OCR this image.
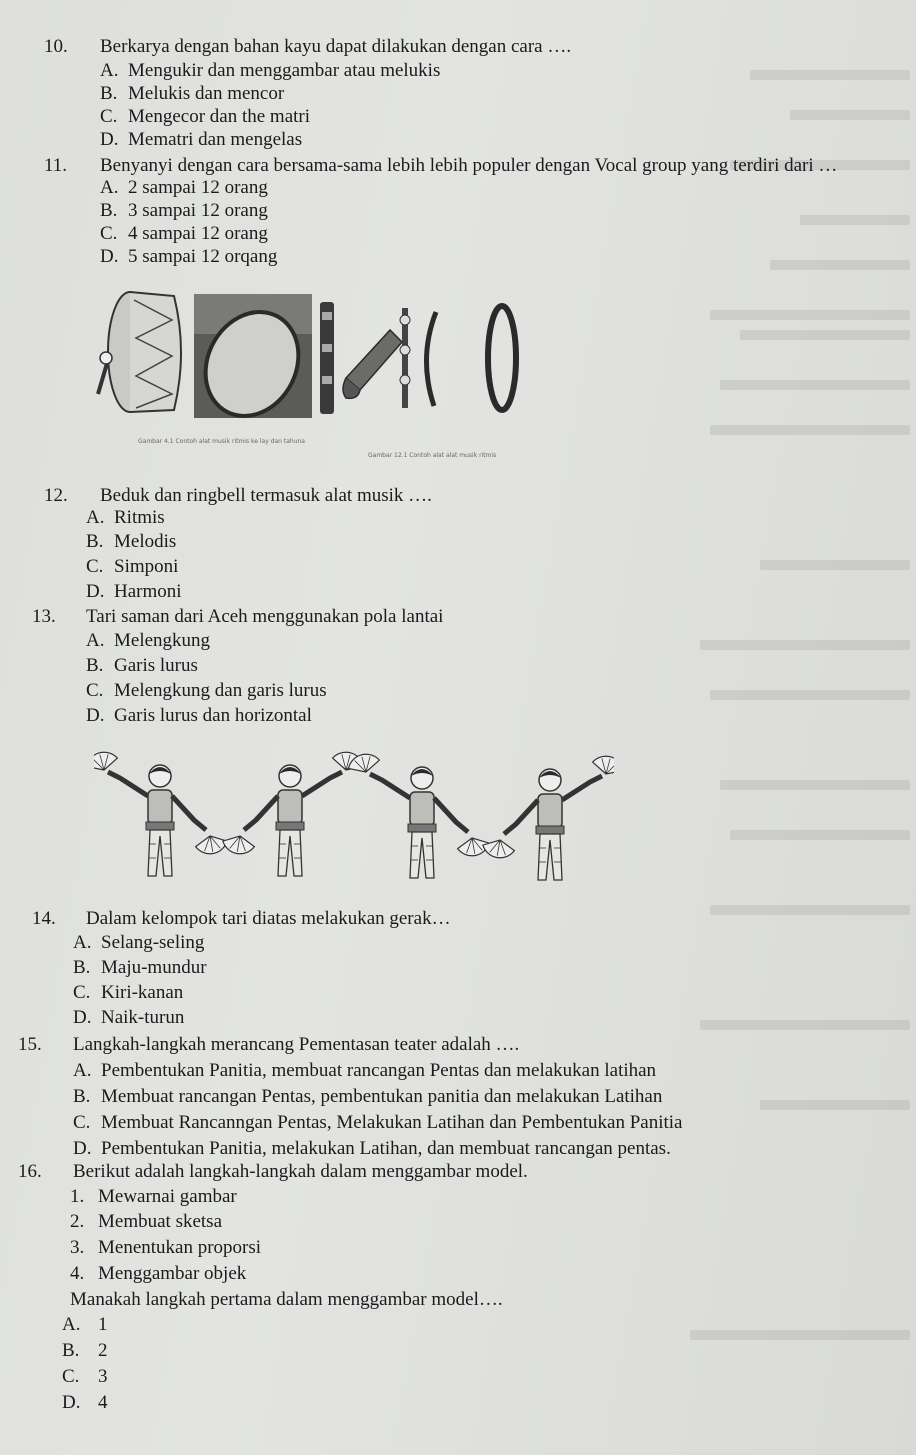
10. Berkarya dengan bahan kayu dapat dilakukan dengan cara ….
A. Mengukir dan menggambar atau melukis
B. Melukis dan mencor
C. Mengecor dan the matri
D. Mematri dan mengelas
11. Benyanyi dengan cara bersama-sama lebih lebih populer dengan Vocal group yang terdiri dari …
A. 2 sampai 12 orang
B. 3 sampai 12 orang
C. 4 sampai 12 orang
D. 5 sampai 12 orqang
Gambar 4.1 Contoh alat musik ritmis ke lay dan tahuna
Gambar 12.1 Contoh alat alat musik ritmis
12. Beduk dan ringbell termasuk alat musik ….
A. Ritmis
B. Melodis
C. Simponi
D. Harmoni
13. Tari saman dari Aceh menggunakan pola lantai
A. Melengkung
B. Garis lurus
C. Melengkung dan garis lurus
D. Garis lurus dan horizontal
14. Dalam kelompok tari diatas melakukan gerak…
A. Selang-seling
B. Maju-mundur
C. Kiri-kanan
D. Naik-turun
15. Langkah-langkah merancang Pementasan teater adalah ….
A. Pembentukan Panitia, membuat rancangan Pentas dan melakukan latihan
B. Membuat rancangan Pentas, pembentukan panitia dan melakukan Latihan
C. Membuat Rancanngan Pentas, Melakukan Latihan dan Pembentukan Panitia
D. Pembentukan Panitia, melakukan Latihan, dan membuat rancangan pentas.
16. Berikut adalah langkah-langkah dalam menggambar model.
1. Mewarnai gambar
2. Membuat sketsa
3. Menentukan proporsi
4. Menggambar objek
Manakah langkah pertama dalam menggambar model….
A. 1
B. 2
C. 3
D. 4
